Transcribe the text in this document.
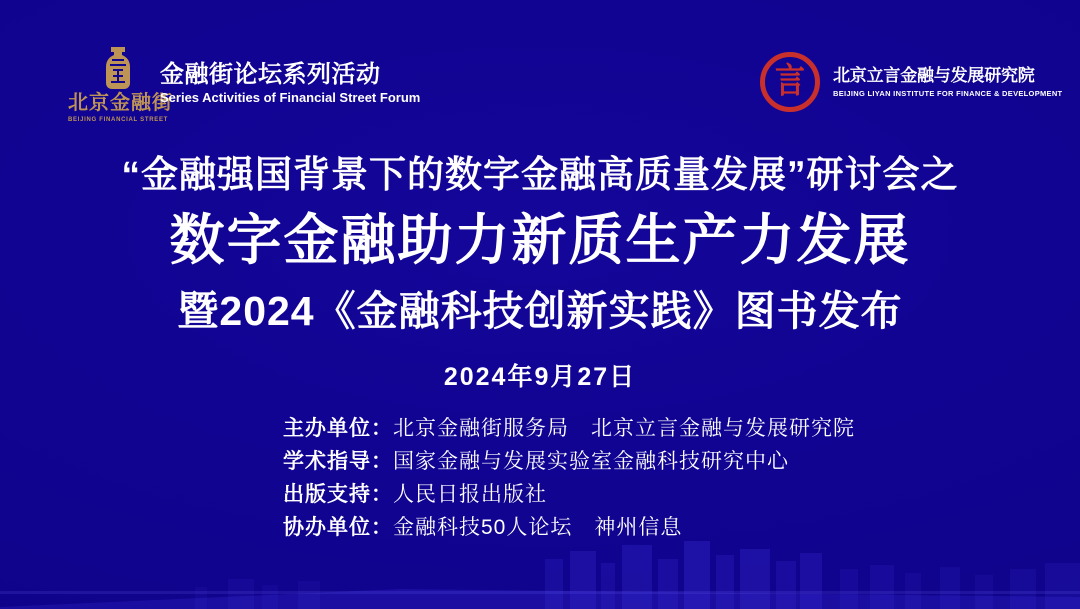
北京金融街
BEIJING FINANCIAL STREET
金融街论坛系列活动
Series Activities of Financial Street Forum	言 北京立言金融与发展研究院
BEIJING LIYAN INSTITUTE FOR FINANCE & DEVELOPMENT
“金融强国背景下的数字金融高质量发展”研讨会之
数字金融助力新质生产力发展
暨2024《金融科技创新实践》图书发布
2024年9月27日
主办单位：北京金融街服务局　北京立言金融与发展研究院
学术指导：国家金融与发展实验室金融科技研究中心
出版支持：人民日报出版社
协办单位：金融科技50人论坛　神州信息
